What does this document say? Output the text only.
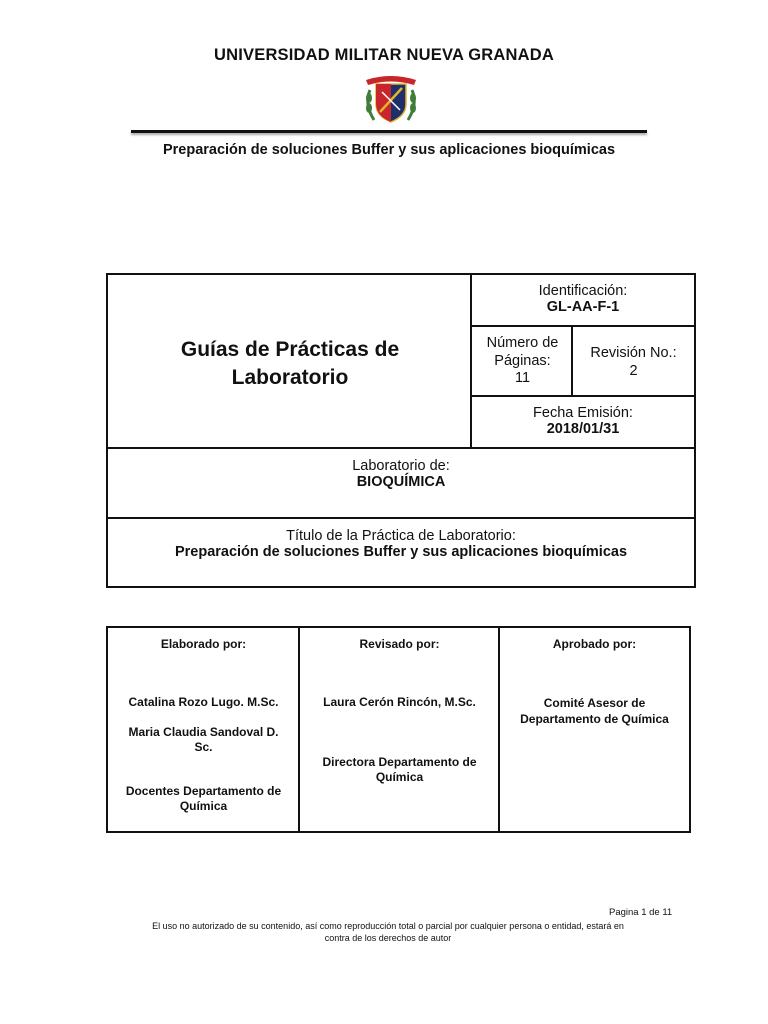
UNIVERSIDAD MILITAR NUEVA GRANADA
Preparación de soluciones Buffer y sus aplicaciones bioquímicas
Guías de Prácticas de
Laboratorio
Identificación:
GL-AA-F-1
Número de
Páginas:
11
Revisión No.:
2
Fecha Emisión:
2018/01/31
Laboratorio de:
BIOQUÍMICA
Título de la Práctica de Laboratorio:
Preparación de soluciones Buffer y sus aplicaciones bioquímicas
Elaborado por:
Catalina Rozo Lugo. M.Sc.
Maria Claudia Sandoval D.
Sc.
Docentes Departamento de
Química
Revisado por:
Laura Cerón Rincón, M.Sc.
Directora Departamento de
Química
Aprobado por:
Comité Asesor de
Departamento de Química
Pagina 1 de 11
El uso no autorizado de su contenido, así como reproducción total o parcial por cualquier persona o entidad, estará en
contra de los derechos de autor
